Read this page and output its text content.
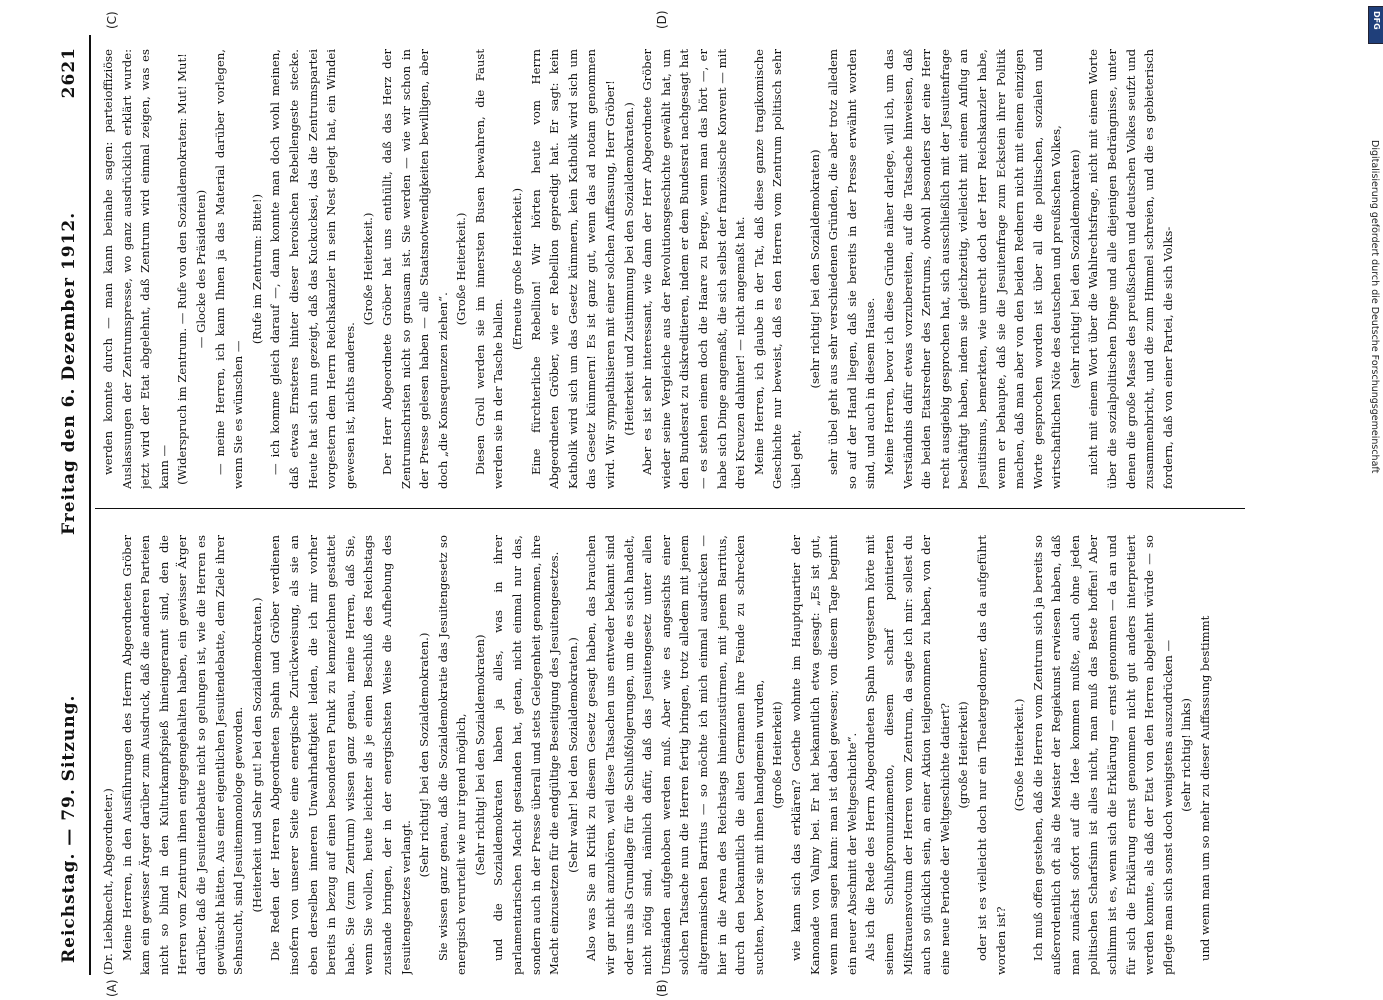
Reichstag. — 79. Sitzung.
Freitag den 6. Dezember 1912.
2621

(Dr. Liebknecht, Abgeordneter.) Meine Herren, in den Ausführungen des Herrn Abgeordneten Gröber kam ein gewisser Ärger darüber zum Ausdruck, daß die anderen Parteien nicht so blind in den Kulturkampfspieß hineingerannt sind, den die Herren vom Zentrum ihnen entgegengehalten haben, ein gewisser Ärger darüber, daß die Jesuitendebatte nicht so gelungen ist, wie die Herren es gewünscht hätten. Aus einer eigentlichen Jesuitendebatte, dem Ziele ihrer Sehnsucht, sind Jesuitenmonologe geworden. (Heiterkeit und Sehr gut! bei den Sozialdemokraten.) Die Reden der Herren Abgeordneten Spahn und Gröber verdienen insofern von unserer Seite eine energische Zurückweisung, als sie an eben derselben inneren Unwahrhaftigkeit leiden, die ich mir vorher bereits in bezug auf einen besonderen Punkt zu kennzeichnen gestattet habe. Sie (zum Zentrum) wissen ganz genau, meine Herren, daß Sie, wenn Sie wollen, heute leichter als je einen Beschluß des Reichstags zustande bringen, der in der energischsten Weise die Aufhebung des Jesuitengesetzes verlangt.

(Sehr richtig! bei den Sozialdemokraten.) Sie wissen ganz genau, daß die Sozialdemokratie das Jesuitengesetz so energisch verurteilt wie nur irgend möglich, (Sehr richtig! bei den Sozialdemokraten) und die Sozialdemokraten haben ja alles, was in ihrer parlamentarischen Macht gestanden hat, getan, nicht einmal nur das, sondern auch in der Presse überall und stets Gelegenheit genommen, ihre Macht einzusetzen für die endgültige Beseitigung des Jesuitengesetzes. (Sehr wahr! bei den Sozialdemokraten.) Also was Sie an Kritik zu diesem Gesetz gesagt haben, das brauchen wir gar nicht anzuhören, weil diese Tatsachen uns entweder bekannt sind oder uns als Grundlage für die Schlußfolgerungen, um die es sich handelt, nicht nötig sind, nämlich dafür, daß das Jesuitengesetz unter allen Umständen aufgehoben werden muß. Aber wie es angesichts einer solchen Tatsache nun die Herren fertig bringen, trotz alledem mit jenem altgermanischen Barritus — so möchte ich mich einmal ausdrücken — hier in die Arena des Reichstags hineinzustürmen, mit jenem Barritus, durch den bekanntlich die alten Germanen ihre Feinde zu schrecken suchten, bevor sie mit ihnen handgemein wurden, (große Heiterkeit) wie kann sich das erklären? Goethe wohnte im Hauptquartier der Kanonade von Valmy bei. Er hat bekanntlich etwa gesagt: „Es ist gut, wenn man sagen kann: man ist dabei gewesen; von diesem Tage beginnt ein neuer Abschnitt der Weltgeschichte“. Als ich die Rede des Herrn Abgeordneten Spahn vorgestern hörte mit seinem Schlußpronunziamento, diesem scharf pointierten Mißtrauensvotum der Herren vom Zentrum, da sagte ich mir: sollest du auch so glücklich sein, an einer Aktion teilgenommen zu haben, von der eine neue Periode der Weltgeschichte datiert? (große Heiterkeit) oder ist es vielleicht doch nur ein Theatergedonner, das da aufgeführt worden ist?

(Große Heiterkeit.) Ich muß offen gestehen, daß die Herren vom Zentrum sich ja bereits so außerordentlich oft als die Meister der Regiekunst erwiesen haben, daß man zunächst sofort auf die Idee kommen mußte, auch ohne jeden politischen Scharfsinn ist alles nicht, man muß das Beste hoffen! Aber schlimm ist es, wenn sich die Erklärung — ernst genommen — da an und für sich die Erklärung ernst genommen nicht gut anders interpretiert werden konnte, als daß der Etat von den Herren abgelehnt würde — so pflegte man sich sonst doch wenigstens auszudrücken — (sehr richtig! links) und wenn man um so mehr zu dieser Auffassung bestimmt

werden konnte durch — man kann beinahe sagen: parteioffiziöse Auslassungen der Zentrumspresse, wo ganz ausdrücklich erklärt wurde: jetzt wird der Etat abgelehnt, daß Zentrum wird einmal zeigen, was es kann — (Widerspruch im Zentrum. — Rufe von den Sozialdemokraten: Mut! Mut! — Glocke des Präsidenten) — meine Herren, ich kann Ihnen ja das Material darüber vorlegen, wenn Sie es wünschen —

(Rufe im Zentrum: Bitte!) — ich komme gleich darauf —, dann konnte man doch wohl meinen, daß etwas Ernsteres hinter dieser heroischen Rebellengeste stecke. Heute hat sich nun gezeigt, daß das Kuckucksei, das die Zentrumspartei vorgestern dem Herrn Reichskanzler in sein Nest gelegt hat, ein Windei gewesen ist, nichts anderes.

(Große Heiterkeit.) Der Herr Abgeordnete Gröber hat uns enthüllt, daß das Herz der Zentrumschristen nicht so grausam ist. Sie werden — wie wir schon in der Presse gelesen haben — alle Staatsnotwendigkeiten bewilligen, aber doch „die Konsequenzen ziehen“.

(Große Heiterkeit.) Diesen Groll werden sie im innersten Busen bewahren, die Faust werden sie in der Tasche ballen.

(Erneute große Heiterkeit.) Eine fürchterliche Rebellion! Wir hörten heute vom Herrn Abgeordneten Gröber, wie er Rebellion gepredigt hat. Er sagt: kein Katholik wird sich um das Gesetz kümmern, kein Katholik wird sich um das Gesetz kümmern! Es ist ganz gut, wenn das ad notam genommen wird. Wir sympathisieren mit einer solchen Auffassung, Herr Gröber! (Heiterkeit und Zustimmung bei den Sozialdemokraten.) Aber es ist sehr interessant, wie dann der Herr Abgeordnete Gröber wieder seine Vergleiche aus der Revolutionsgeschichte gewählt hat, um den Bundesrat zu diskreditieren, indem er dem Bundesrat nachgesagt hat — es stehen einem doch die Haare zu Berge, wenn man das hört —, er habe sich Dinge angemaßt, die sich selbst der französische Konvent — mit drei Kreuzen dahinter! — nicht angemaßt hat. Meine Herren, ich glaube in der Tat, daß diese ganze tragikomische Geschichte nur beweist, daß es den Herren vom Zentrum politisch sehr übel geht,

(sehr richtig! bei den Sozialdemokraten) sehr übel geht aus sehr verschiedenen Gründen, die aber trotz alledem so auf der Hand liegen, daß sie bereits in der Presse erwähnt worden sind, und auch in diesem Hause. Meine Herren, bevor ich diese Gründe näher darlege, will ich, um das Verständnis dafür etwas vorzubereiten, auf die Tatsache hinweisen, daß die beiden Etatsredner des Zentrums, obwohl besonders der eine Herr recht ausgiebig gesprochen hat, sich ausschließlich mit der Jesuitenfrage beschäftigt haben, indem sie gleichzeitig, vielleicht mit einem Anflug an Jesuitismus, bemerkten, wie unrecht doch der Herr Reichskanzler habe, wenn er behaupte, daß sie die Jesuitenfrage zum Eckstein ihrer Politik machen, daß man aber von den beiden Rednern nicht mit einem einzigen Worte gesprochen worden ist über all die politischen, sozialen und wirtschaftlichen Nöte des deutschen und preußischen Volkes, (sehr richtig! bei den Sozialdemokraten) nicht mit einem Wort über die Wahlrechtsfrage, nicht mit einem Worte über die sozialpolitischen Dinge und alle diejenigen Bedrängnisse, unter denen die große Masse des preußischen und deutschen Volkes seufzt und zusammenbricht, und die zum Himmel schreien, und die es gebieterisch fordern, daß von einer Partei, die sich Volks-

(A)	(B)
(C)	(D)	DFG
Digitalisierung gefördert durch die Deutsche Forschungsgemeinschaft
